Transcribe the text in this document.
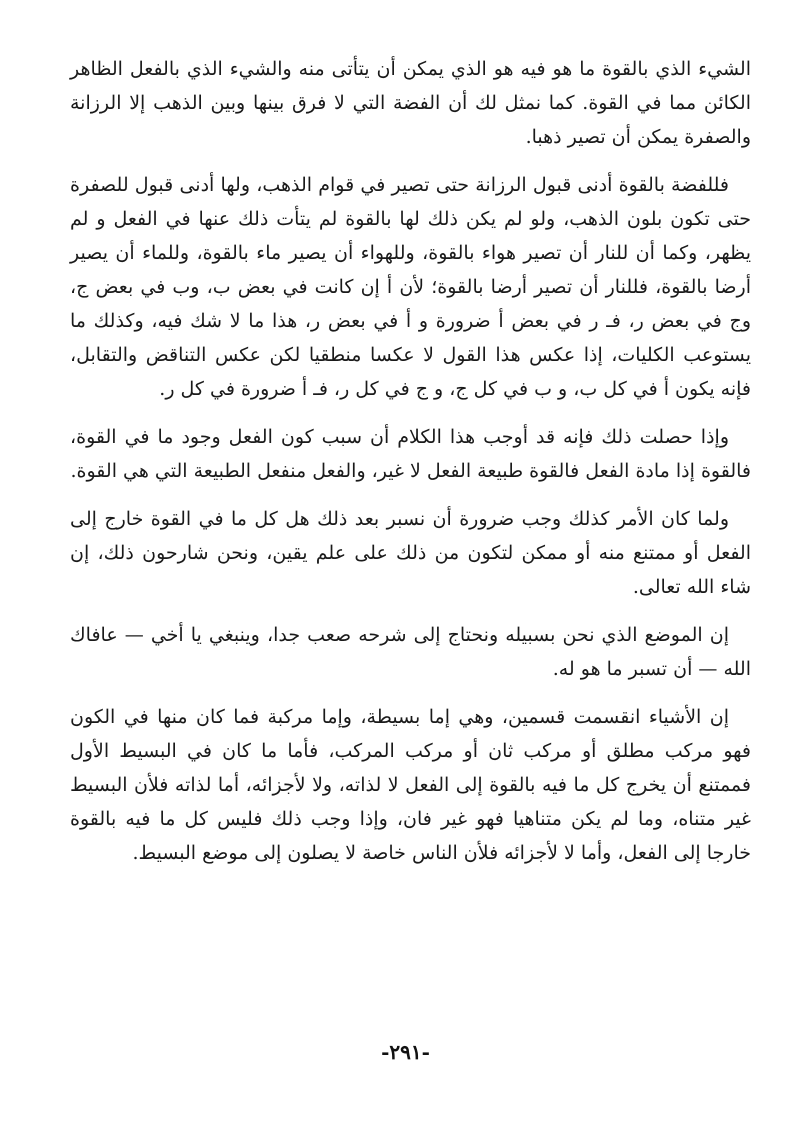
الشيء الذي بالقوة ما هو فيه هو الذي يمكن أن يتأتى منه والشيء الذي بالفعل الظاهر الكائن مما في القوة. كما نمثل لك أن الفضة التي لا فرق بينها وبين الذهب إلا الرزانة والصفرة يمكن أن تصير ذهبا.

فللفضة بالقوة أدنى قبول الرزانة حتى تصير في قوام الذهب، ولها أدنى قبول للصفرة حتى تكون بلون الذهب، ولو لم يكن ذلك لها بالقوة لم يتأت ذلك عنها في الفعل و لم يظهر، وكما أن للنار أن تصير هواء بالقوة، وللهواء أن يصير ماء بالقوة، وللماء أن يصير أرضا بالقوة، فللنار أن تصير أرضا بالقوة؛ لأن أ إن كانت في بعض ب، وب في بعض ج، وج في بعض ر، فـ ر في بعض أ ضرورة و أ في بعض ر، هذا ما لا شك فيه، وكذلك ما يستوعب الكليات، إذا عكس هذا القول لا عكسا منطقيا لكن عكس التناقض والتقابل، فإنه يكون أ في كل ب، و ب في كل ج، و ج في كل ر، فـ أ ضرورة في كل ر.

وإذا حصلت ذلك فإنه قد أوجب هذا الكلام أن سبب كون الفعل وجود ما في القوة، فالقوة إذا مادة الفعل فالقوة طبيعة الفعل لا غير، والفعل منفعل الطبيعة التي هي القوة.

ولما كان الأمر كذلك وجب ضرورة أن نسبر بعد ذلك هل كل ما في القوة خارج إلى الفعل أو ممتنع منه أو ممكن لتكون من ذلك على علم يقين، ونحن شارحون ذلك، إن شاء الله تعالى.

إن الموضع الذي نحن بسبيله ونحتاج إلى شرحه صعب جدا، وينبغي يا أخي — عافاك الله — أن تسبر ما هو له.

إن الأشياء انقسمت قسمين، وهي إما بسيطة، وإما مركبة فما كان منها في الكون فهو مركب مطلق أو مركب ثان أو مركب المركب، فأما ما كان في البسيط الأول فممتنع أن يخرج كل ما فيه بالقوة إلى الفعل لا لذاته، ولا لأجزائه، أما لذاته فلأن البسيط غير متناه، وما لم يكن متناهيا فهو غير فان، وإذا وجب ذلك فليس كل ما فيه بالقوة خارجا إلى الفعل، وأما لا لأجزائه فلأن الناس خاصة لا يصلون إلى موضع البسيط.

-٢٩١-
